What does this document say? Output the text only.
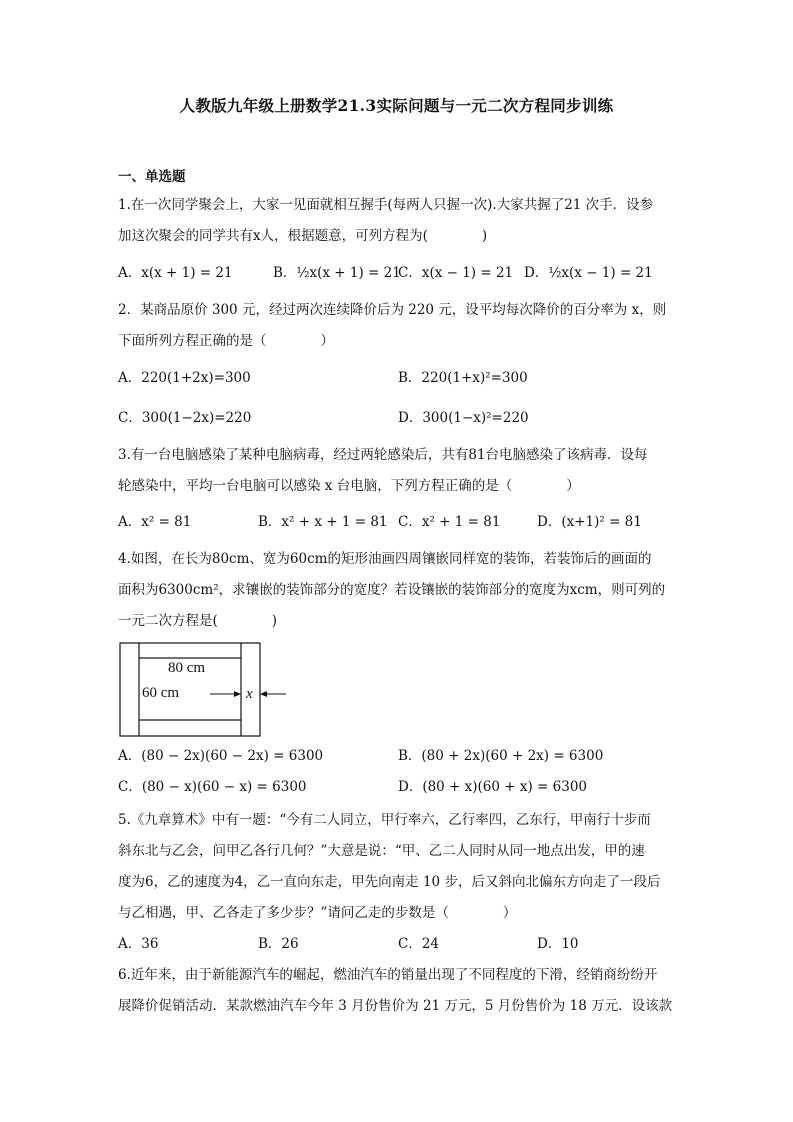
人教版九年级上册数学21.3实际问题与一元二次方程同步训练
一、单选题
1.在一次同学聚会上，大家一见面就相互握手(每两人只握一次).大家共握了21 次手．设参
加这次聚会的同学共有x人，根据题意，可列方程为(　　　　)
A．x(x + 1) = 21	B．½x(x + 1) = 21
C．x(x − 1) = 21 D．½x(x − 1) = 21
2．某商品原价 300 元，经过两次连续降价后为 220 元，设平均每次降价的百分率为 x，则
下面所列方程正确的是（　　　　）
A．220(1+2x)=300	B．220(1+x)²=300
C．300(1−2x)=220	D．300(1−x)²=220
3.有一台电脑感染了某种电脑病毒，经过两轮感染后，共有81台电脑感染了该病毒．设每
轮感染中，平均一台电脑可以感染 x 台电脑，下列方程正确的是（　　　　）
A．x² = 81	B．x² + x + 1 = 81 C．x² + 1 = 81	D．(x+1)² = 81
4.如图，在长为80cm、宽为60cm的矩形油画四周镶嵌同样宽的装饰，若装饰后的画面的
面积为6300cm²，求镶嵌的装饰部分的宽度？若设镶嵌的装饰部分的宽度为xcm，则可列的
一元二次方程是(　　　　)
80 cm
60 cm	x
A．(80 − 2x)(60 − 2x) = 6300	B．(80 + 2x)(60 + 2x) = 6300
C．(80 − x)(60 − x) = 6300	D．(80 + x)(60 + x) = 6300
5.《九章算术》中有一题：“今有二人同立，甲行率六，乙行率四，乙东行，甲南行十步而
斜东北与乙会，问甲乙各行几何？”大意是说：“甲、乙二人同时从同一地点出发，甲的速
度为6，乙的速度为4，乙一直向东走，甲先向南走 10 步，后又斜向北偏东方向走了一段后
与乙相遇，甲、乙各走了多少步？”请问乙走的步数是（　　　　）
A．36	B．26	C．24	D．10
6.近年来，由于新能源汽车的崛起，燃油汽车的销量出现了不同程度的下滑，经销商纷纷开
展降价促销活动．某款燃油汽车今年 3 月份售价为 21 万元，5 月份售价为 18 万元．设该款
